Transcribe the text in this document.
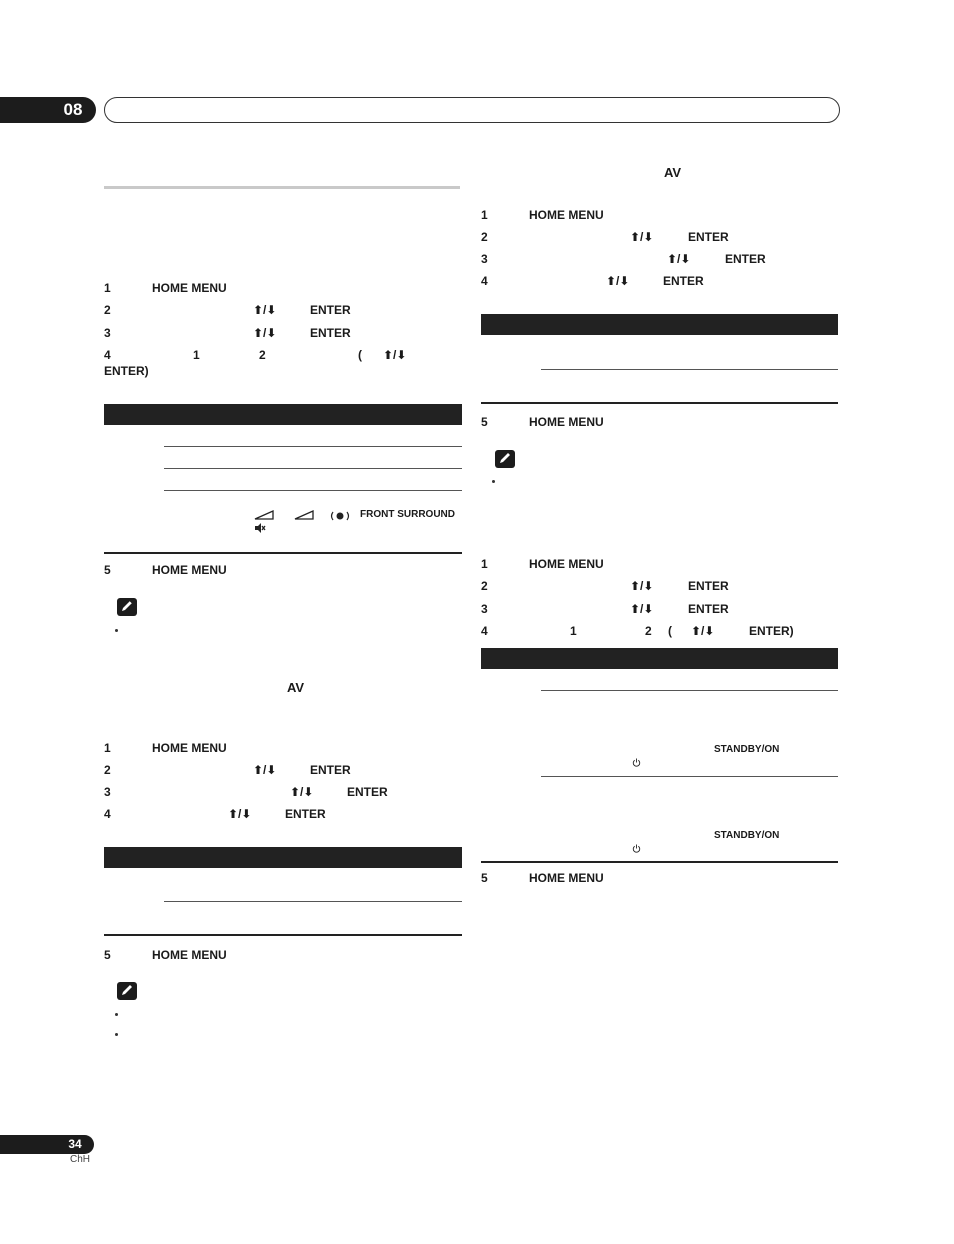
08
1	HOME MENU
2	⬆/⬇	ENTER
3	⬆/⬇	ENTER
4	1	2	( ⬆/⬇
ENTER)
FRONT SURROUND
5	HOME MENU
AV
1	HOME MENU
2	⬆/⬇	ENTER
3	⬆/⬇	ENTER
4	⬆/⬇	ENTER
5	HOME MENU
AV
1	HOME MENU
2	⬆/⬇	ENTER
3	⬆/⬇	ENTER
4	⬆/⬇	ENTER
5	HOME MENU
1	HOME MENU
2	⬆/⬇	ENTER
3	⬆/⬇	ENTER
4	1	2 ( ⬆/⬇	ENTER)
STANDBY/ON
STANDBY/ON
5	HOME MENU
34
ChH
